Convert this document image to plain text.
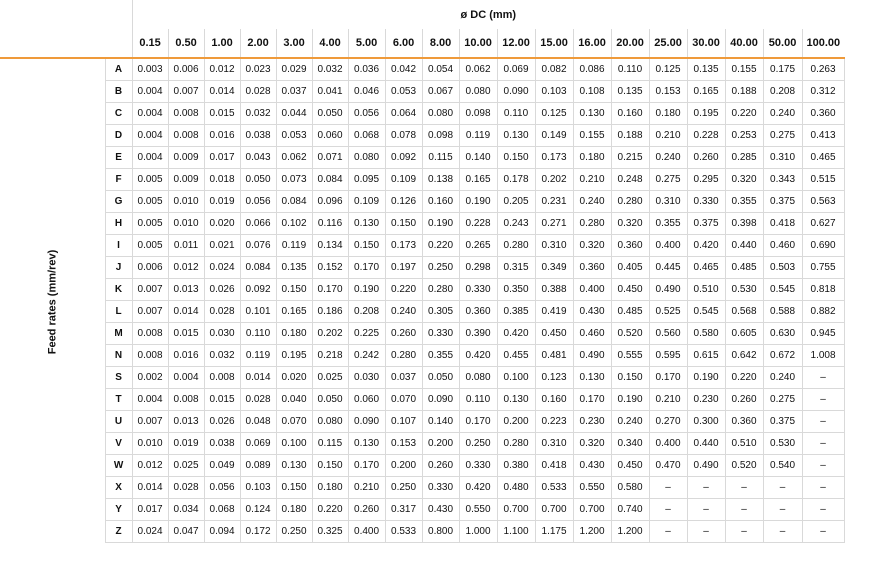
		ø DC (mm)																		
		0.15	0.50	1.00	2.00	3.00	4.00	5.00	6.00	8.00	10.00	12.00	15.00	16.00	20.00	25.00	30.00	40.00	50.00	100.00
Feed rates (mm/rev)	A	0.003	0.006	0.012	0.023	0.029	0.032	0.036	0.042	0.054	0.062	0.069	0.082	0.086	0.110	0.125	0.135	0.155	0.175	0.263
	B	0.004	0.007	0.014	0.028	0.037	0.041	0.046	0.053	0.067	0.080	0.090	0.103	0.108	0.135	0.153	0.165	0.188	0.208	0.312
	C	0.004	0.008	0.015	0.032	0.044	0.050	0.056	0.064	0.080	0.098	0.110	0.125	0.130	0.160	0.180	0.195	0.220	0.240	0.360
	D	0.004	0.008	0.016	0.038	0.053	0.060	0.068	0.078	0.098	0.119	0.130	0.149	0.155	0.188	0.210	0.228	0.253	0.275	0.413
	E	0.004	0.009	0.017	0.043	0.062	0.071	0.080	0.092	0.115	0.140	0.150	0.173	0.180	0.215	0.240	0.260	0.285	0.310	0.465
	F	0.005	0.009	0.018	0.050	0.073	0.084	0.095	0.109	0.138	0.165	0.178	0.202	0.210	0.248	0.275	0.295	0.320	0.343	0.515
	G	0.005	0.010	0.019	0.056	0.084	0.096	0.109	0.126	0.160	0.190	0.205	0.231	0.240	0.280	0.310	0.330	0.355	0.375	0.563
	H	0.005	0.010	0.020	0.066	0.102	0.116	0.130	0.150	0.190	0.228	0.243	0.271	0.280	0.320	0.355	0.375	0.398	0.418	0.627
	I	0.005	0.011	0.021	0.076	0.119	0.134	0.150	0.173	0.220	0.265	0.280	0.310	0.320	0.360	0.400	0.420	0.440	0.460	0.690
	J	0.006	0.012	0.024	0.084	0.135	0.152	0.170	0.197	0.250	0.298	0.315	0.349	0.360	0.405	0.445	0.465	0.485	0.503	0.755
	K	0.007	0.013	0.026	0.092	0.150	0.170	0.190	0.220	0.280	0.330	0.350	0.388	0.400	0.450	0.490	0.510	0.530	0.545	0.818
	L	0.007	0.014	0.028	0.101	0.165	0.186	0.208	0.240	0.305	0.360	0.385	0.419	0.430	0.485	0.525	0.545	0.568	0.588	0.882
	M	0.008	0.015	0.030	0.110	0.180	0.202	0.225	0.260	0.330	0.390	0.420	0.450	0.460	0.520	0.560	0.580	0.605	0.630	0.945
	N	0.008	0.016	0.032	0.119	0.195	0.218	0.242	0.280	0.355	0.420	0.455	0.481	0.490	0.555	0.595	0.615	0.642	0.672	1.008
	S	0.002	0.004	0.008	0.014	0.020	0.025	0.030	0.037	0.050	0.080	0.100	0.123	0.130	0.150	0.170	0.190	0.220	0.240	–
	T	0.004	0.008	0.015	0.028	0.040	0.050	0.060	0.070	0.090	0.110	0.130	0.160	0.170	0.190	0.210	0.230	0.260	0.275	–
	U	0.007	0.013	0.026	0.048	0.070	0.080	0.090	0.107	0.140	0.170	0.200	0.223	0.230	0.240	0.270	0.300	0.360	0.375	–
	V	0.010	0.019	0.038	0.069	0.100	0.115	0.130	0.153	0.200	0.250	0.280	0.310	0.320	0.340	0.400	0.440	0.510	0.530	–
	W	0.012	0.025	0.049	0.089	0.130	0.150	0.170	0.200	0.260	0.330	0.380	0.418	0.430	0.450	0.470	0.490	0.520	0.540	–
	X	0.014	0.028	0.056	0.103	0.150	0.180	0.210	0.250	0.330	0.420	0.480	0.533	0.550	0.580	–	–	–	–	–
	Y	0.017	0.034	0.068	0.124	0.180	0.220	0.260	0.317	0.430	0.550	0.700	0.700	0.700	0.740	–	–	–	–	–
	Z	0.024	0.047	0.094	0.172	0.250	0.325	0.400	0.533	0.800	1.000	1.100	1.175	1.200	1.200	–	–	–	–	–
